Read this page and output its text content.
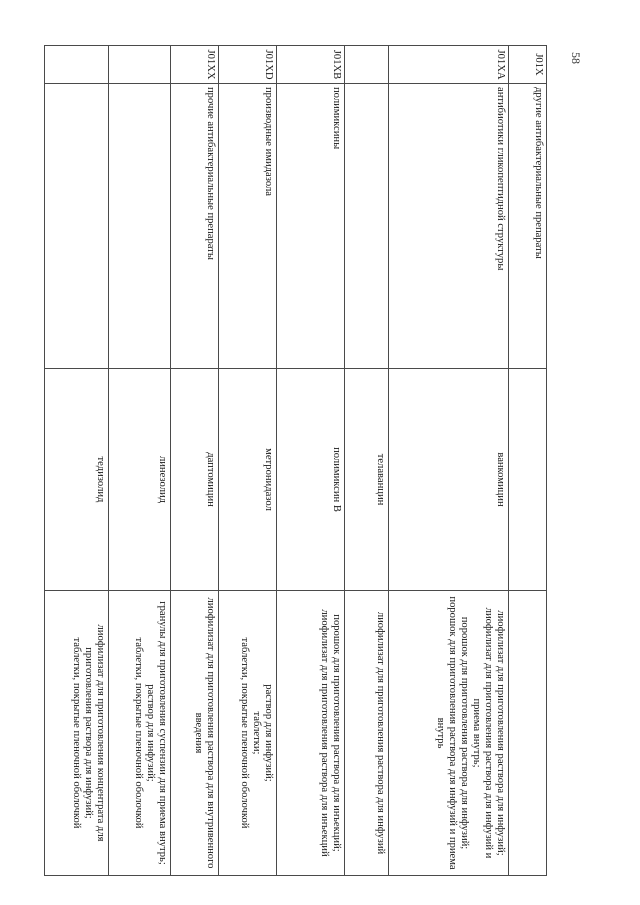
58
J01X	другие антибактериальные препараты		
J01XA	антибиотики гликопептидной структуры	ванкомицин	лиофилизат для приготовления раствора для инфузий;
лиофилизат для приготовления раствора для инфузий и приема внутрь;
порошок для приготовления раствора для инфузий;
порошок для приготовления раствора для инфузий и приема внутрь

		телаванцин	лиофилизат для приготовления раствора для инфузий

J01XB	полимиксины	полимиксин В	порошок для приготовления раствора для инъекций;
лиофилизат для приготовления раствора для инъекций

J01XD	производные имидазола	метронидазол	раствор для инфузий;
таблетки;
таблетки, покрытые пленочной оболочкой

J01XX	прочие антибактериальные препараты	даптомицин	лиофилизат для приготовления раствора для внутривенного введения

		линезолид	гранулы для приготовления суспензии для приема внутрь;
раствор для инфузий;
таблетки, покрытые пленочной оболочкой

		тедизолид	лиофилизат для приготовления концентрата для приготовления раствора для инфузий;
таблетки, покрытые пленочной оболочкой
